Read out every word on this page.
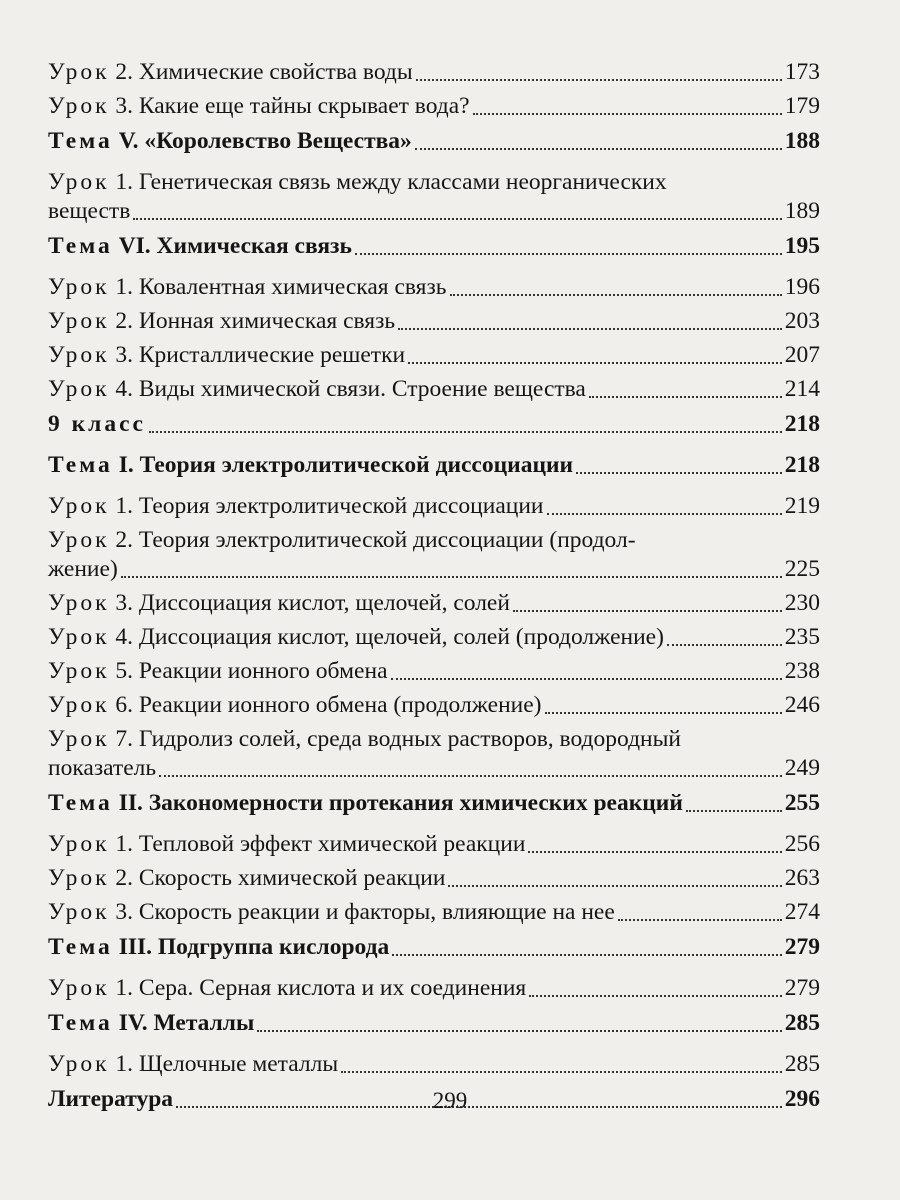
Урок 2. Химические свойства воды	173
Урок 3. Какие еще тайны скрывает вода?	179
Тема V. «Королевство Вещества»	188
Урок 1. Генетическая связь между классами неорганических
веществ	189
Тема VI. Химическая связь	195
Урок 1. Ковалентная химическая связь	196
Урок 2. Ионная химическая связь	203
Урок 3. Кристаллические решетки	207
Урок 4. Виды химической связи. Строение вещества	214
9 класс	218
Тема I. Теория электролитической диссоциации	218
Урок 1. Теория электролитической диссоциации	219
Урок 2. Теория электролитической диссоциации (продол-
жение)	225
Урок 3. Диссоциация кислот, щелочей, солей	230
Урок 4. Диссоциация кислот, щелочей, солей (продолжение)	235
Урок 5. Реакции ионного обмена	238
Урок 6. Реакции ионного обмена (продолжение)	246
Урок 7. Гидролиз солей, среда водных растворов, водородный
показатель	249
Тема II. Закономерности протекания химических реакций	255
Урок 1. Тепловой эффект химической реакции	256
Урок 2. Скорость химической реакции	263
Урок 3. Скорость реакции и факторы, влияющие на нее	274
Тема III. Подгруппа кислорода	279
Урок 1. Сера. Серная кислота и их соединения	279
Тема IV. Металлы	285
Урок 1. Щелочные металлы	285
Литература	296
299
